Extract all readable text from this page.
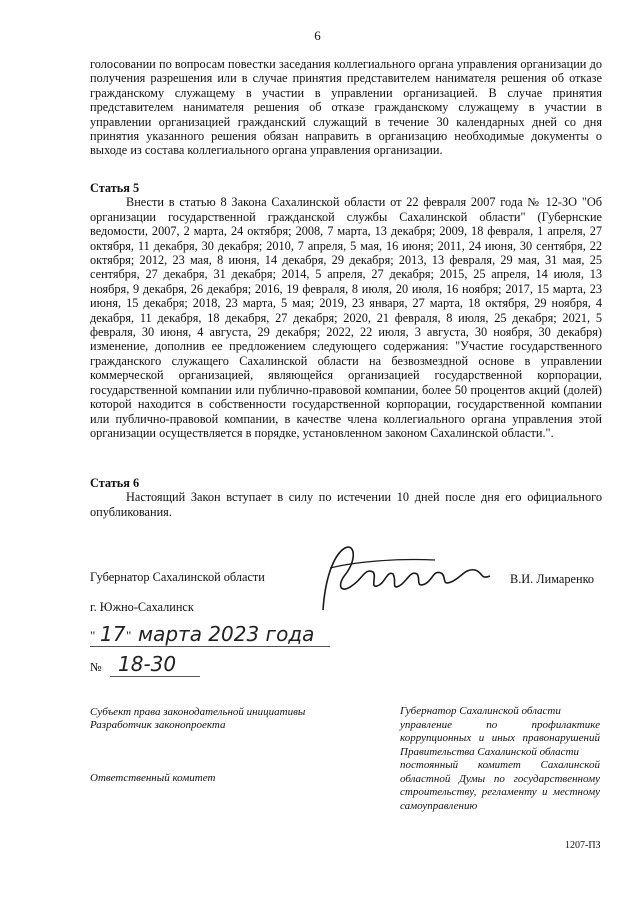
6

голосовании по вопросам повестки заседания коллегиального органа управления организации до получения разрешения или в случае принятия представителем нанимателя решения об отказе гражданскому служащему в участии в управлении организацией. В случае принятия представителем нанимателя решения об отказе гражданскому служащему в участии в управлении организацией гражданский служащий в течение 30 календарных дней со дня принятия указанного решения обязан направить в организацию необходимые документы о выходе из состава коллегиального органа управления организации.

Статья 5

Внести в статью 8 Закона Сахалинской области от 22 февраля 2007 года № 12-ЗО "Об организации государственной гражданской службы Сахалинской области" (Губернские ведомости, 2007, 2 марта, 24 октября; 2008, 7 марта, 13 декабря; 2009, 18 февраля, 1 апреля, 27 октября, 11 декабря, 30 декабря; 2010, 7 апреля, 5 мая, 16 июня; 2011, 24 июня, 30 сентября, 22 октября; 2012, 23 мая, 8 июня, 14 декабря, 29 декабря; 2013, 13 февраля, 29 мая, 31 мая, 25 сентября, 27 декабря, 31 декабря; 2014, 5 апреля, 27 декабря; 2015, 25 апреля, 14 июля, 13 ноября, 9 декабря, 26 декабря; 2016, 19 февраля, 8 июля, 20 июля, 16 ноября; 2017, 15 марта, 23 июня, 15 декабря; 2018, 23 марта, 5 мая; 2019, 23 января, 27 марта, 18 октября, 29 ноября, 4 декабря, 11 декабря, 18 декабря, 27 декабря; 2020, 21 февраля, 8 июля, 25 декабря; 2021, 5 февраля, 30 июня, 4 августа, 29 декабря; 2022, 22 июля, 3 августа, 30 ноября, 30 декабря) изменение, дополнив ее предложением следующего содержания: "Участие государственного гражданского служащего Сахалинской области на безвозмездной основе в управлении коммерческой организацией, являющейся организацией государственной корпорации, государственной компании или публично-правовой компании, более 50 процентов акций (долей) которой находится в собственности государственной корпорации, государственной компании или публично-правовой компании, в качестве члена коллегиального органа управления этой организации осуществляется в порядке, установленном законом Сахалинской области.".

Статья 6

Настоящий Закон вступает в силу по истечении 10 дней после дня его официального опубликования.

Губернатор Сахалинской области	В.И. Лимаренко
г. Южно-Сахалинск
" 17 " марта 2023 года
№ 18-30
Субъект права законодательной инициативы
Разработчик законопроекта
Ответственный комитет

Губернатор Сахалинской области

управление по профилактике коррупционных и иных правонарушений Правительства Сахалинской области

постоянный комитет Сахалинской областной Думы по государственному строительству, регламенту и местному самоуправлению

1207-ПЗ
